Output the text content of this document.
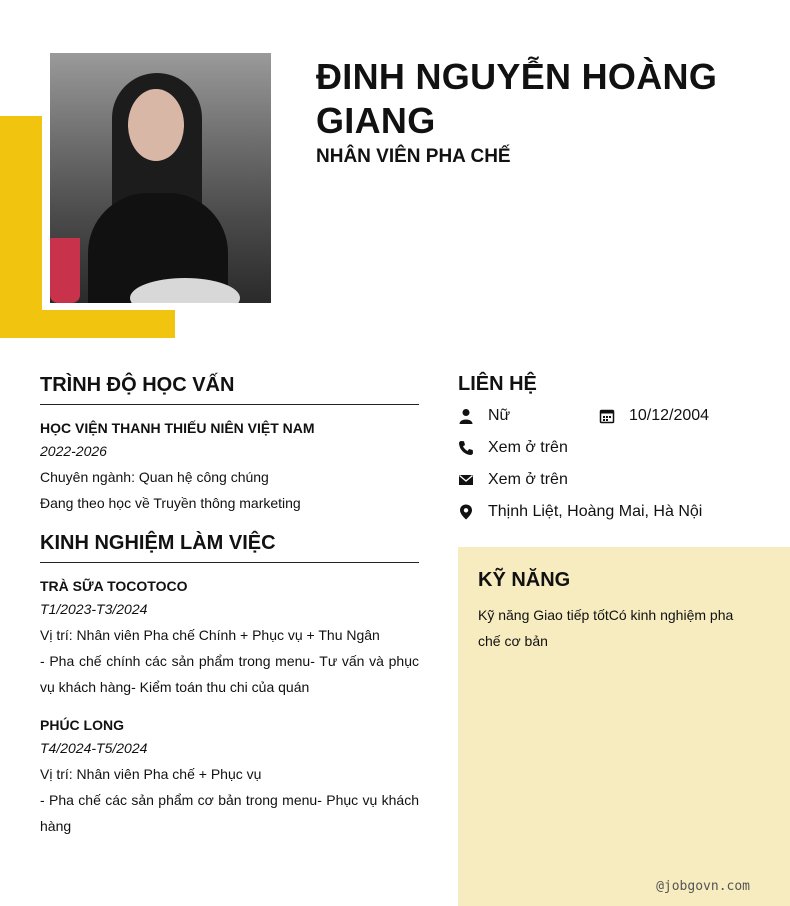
ĐINH NGUYỄN HOÀNG GIANG
NHÂN VIÊN PHA CHẾ
TRÌNH ĐỘ HỌC VẤN

HỌC VIỆN THANH THIẾU NIÊN VIỆT NAM

2022-2026

Chuyên ngành: Quan hệ công chúng

Đang theo học về Truyền thông marketing

KINH NGHIỆM LÀM VIỆC

TRÀ SỮA TOCOTOCO

T1/2023-T3/2024

Vị trí: Nhân viên Pha chế Chính + Phục vụ + Thu Ngân

- Pha chế chính các sản phẩm trong menu- Tư vấn và phục vụ khách hàng- Kiểm toán thu chi của quán

PHÚC LONG

T4/2024-T5/2024

Vị trí: Nhân viên Pha chế + Phục vụ

- Pha chế các sản phẩm cơ bản trong menu- Phục vụ khách hàng

LIÊN HỆ
Nữ	10/12/2004
Xem ở trên
Xem ở trên
Thịnh Liệt, Hoàng Mai, Hà Nội
KỸ NĂNG

Kỹ năng Giao tiếp tốtCó kinh nghiệm pha chế cơ bản

@jobgovn.com
